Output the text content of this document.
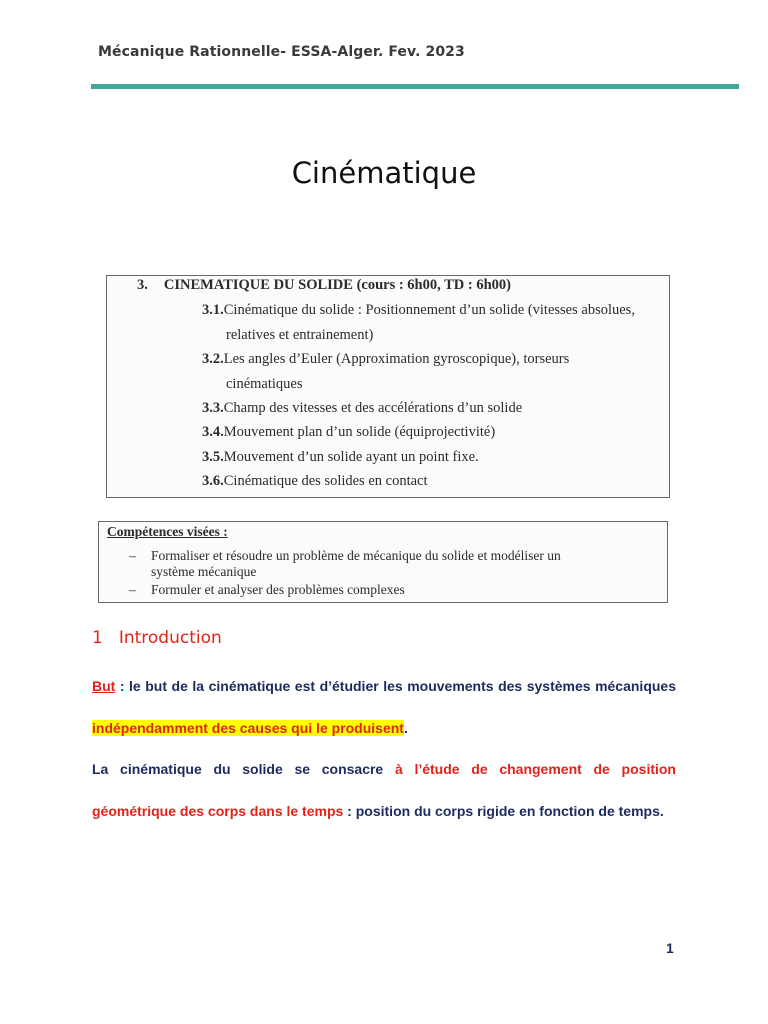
Mécanique Rationnelle- ESSA-Alger. Fev. 2023
Cinématique
3. CINEMATIQUE DU SOLIDE (cours : 6h00, TD : 6h00)
3.1.Cinématique du solide : Positionnement d’un solide (vitesses absolues,
relatives et entrainement)
3.2.Les angles d’Euler (Approximation gyroscopique), torseurs
cinématiques
3.3.Champ des vitesses et des accélérations d’un solide
3.4.Mouvement plan d’un solide (équiprojectivité)
3.5.Mouvement d’un solide ayant un point fixe.
3.6.Cinématique des solides en contact
Compétences visées :
– Formaliser et résoudre un problème de mécanique du solide et modéliser un
système mécanique
– Formuler et analyser des problèmes complexes
1 Introduction
But : le but de la cinématique est d’étudier les mouvements des systèmes mécaniques indépendamment des causes qui le produisent.
La cinématique du solide se consacre à l’étude de changement de position géométrique des corps dans le temps : position du corps rigide en fonction de temps.
1
